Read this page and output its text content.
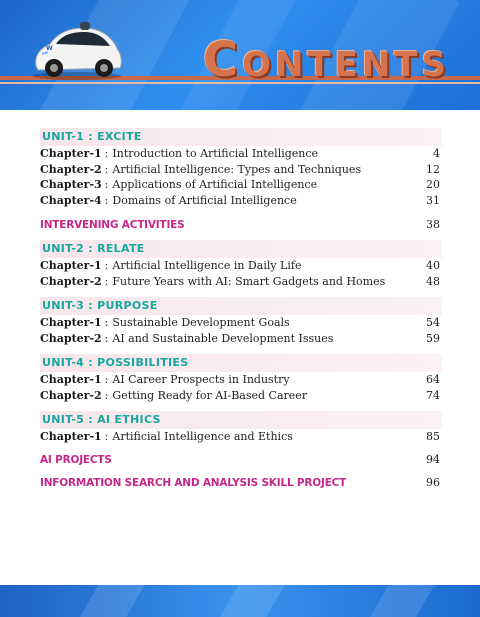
W	CONTENTS
UNIT-1 : EXCITE
Chapter-1 : Introduction to Artificial Intelligence	4
Chapter-2 : Artificial Intelligence: Types and Techniques	12
Chapter-3 : Applications of Artificial Intelligence	20
Chapter-4 : Domains of Artificial Intelligence	31
INTERVENING ACTIVITIES	38
UNIT-2 : RELATE
Chapter-1 : Artificial Intelligence in Daily Life	40
Chapter-2 : Future Years with AI: Smart Gadgets and Homes	48
UNIT-3 : PURPOSE
Chapter-1 : Sustainable Development Goals	54
Chapter-2 : AI and Sustainable Development Issues	59
UNIT-4 : POSSIBILITIES
Chapter-1 : AI Career Prospects in Industry	64
Chapter-2 : Getting Ready for AI-Based Career	74
UNIT-5 : AI ETHICS
Chapter-1 : Artificial Intelligence and Ethics	85
AI PROJECTS	94
INFORMATION SEARCH AND ANALYSIS SKILL PROJECT	96
